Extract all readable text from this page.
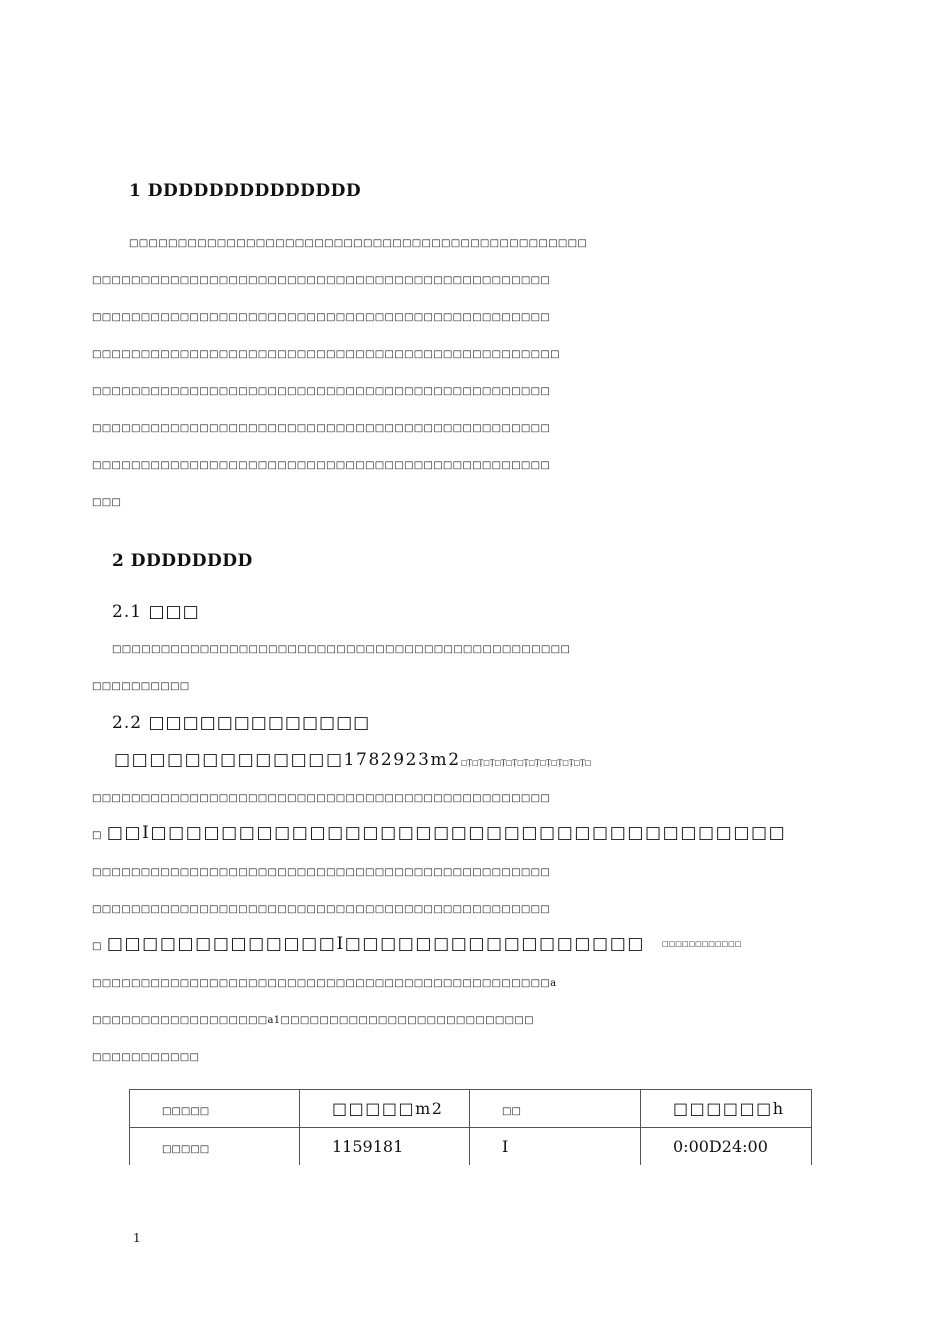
1 DDDDDDDDDDDDDD
□□□□□□□□□□□□□□□□□□□□□□□□□□□□□□□□□□□□□□□□□□□□□□□
□□□□□□□□□□□□□□□□□□□□□□□□□□□□□□□□□□□□□□□□□□□□□□□
□□□□□□□□□□□□□□□□□□□□□□□□□□□□□□□□□□□□□□□□□□□□□□□
□□□□□□□□□□□□□□□□□□□□□□□□□□□□□□□□□□□□□□□□□□□□□□□□
□□□□□□□□□□□□□□□□□□□□□□□□□□□□□□□□□□□□□□□□□□□□□□□
□□□□□□□□□□□□□□□□□□□□□□□□□□□□□□□□□□□□□□□□□□□□□□□
□□□□□□□□□□□□□□□□□□□□□□□□□□□□□□□□□□□□□□□□□□□□□□□
□□□
2 DDDDDDDD
2.1 □□□
□□□□□□□□□□□□□□□□□□□□□□□□□□□□□□□□□□□□□□□□□□□□□□□
□□□□□□□□□□
2.2 □□□□□□□□□□□□□
□□□□□□□□□□□□□1782923m2□Ţ□Ţ□Ţ□Ţ□Ţ□Ţ□Ţ□Ţ□Ţ□Ţ□Ţ□
□□□□□□□□□□□□□□□□□□□□□□□□□□□□□□□□□□□□□□□□□□□□□□□
□ □□I□□□□□□□□□□□□□□□□□□□□□□□□□□□□□□□□□□□□
□□□□□□□□□□□□□□□□□□□□□□□□□□□□□□□□□□□□□□□□□□□□□□□
□□□□□□□□□□□□□□□□□□□□□□□□□□□□□□□□□□□□□□□□□□□□□□□
□ □□□□□□□□□□□□□I□□□□□□□□□□□□□□□□□ □□□□□□□□□□□□
□□□□□□□□□□□□□□□□□□□□□□□□□□□□□□□□□□□□□□□□□□□□□□□a
□□□□□□□□□□□□□□□□□□a1□□□□□□□□□□□□□□□□□□□□□□□□□□
□□□□□□□□□□□
□□□□□	□□□□□m2	□□	□□□□□□h
□□□□□	1159181	I	0:00D24:00
1
